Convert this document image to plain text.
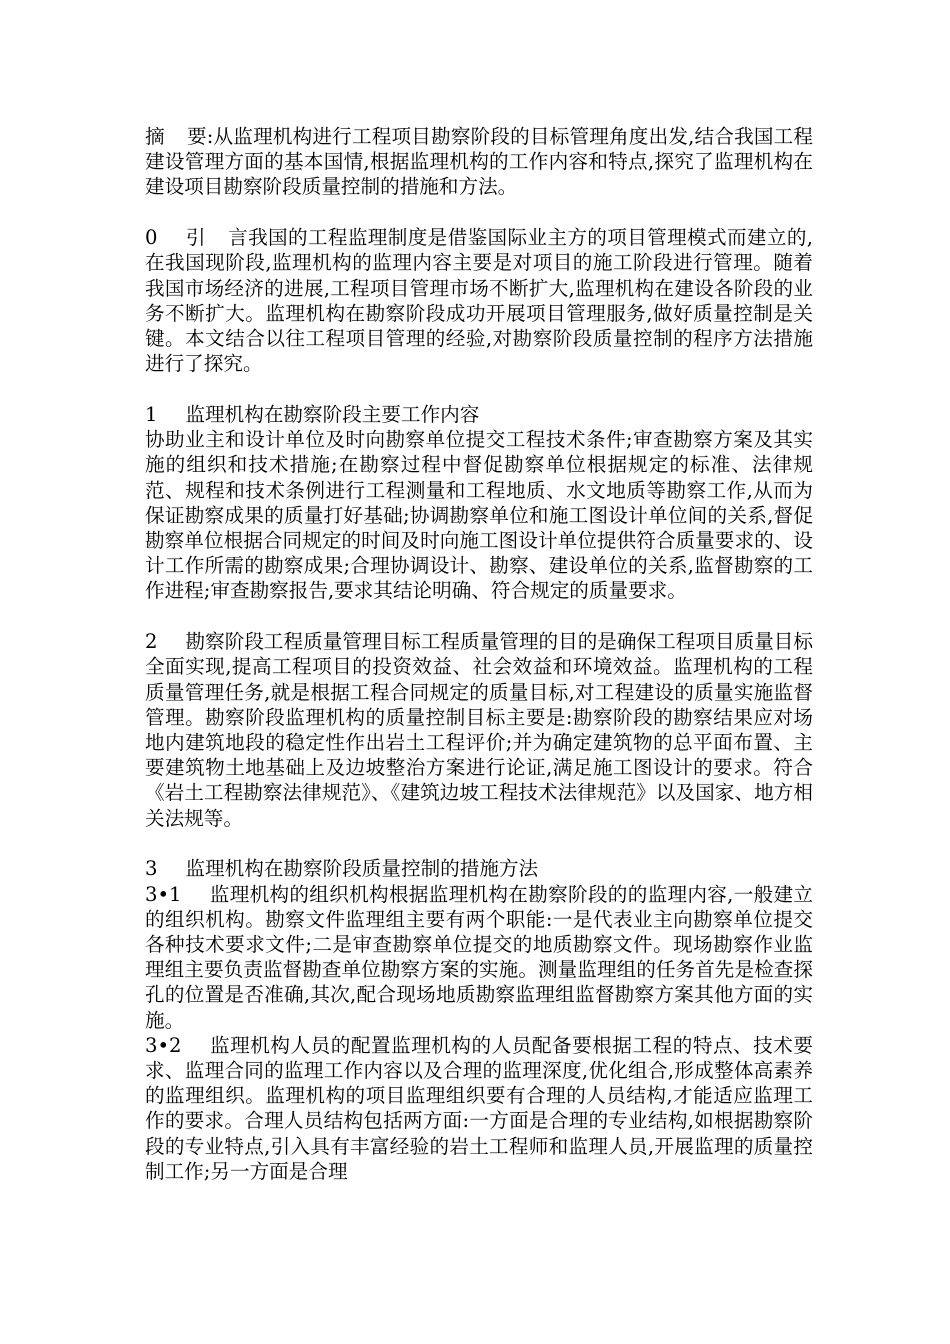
摘 要:从监理机构进行工程项目勘察阶段的目标管理角度出发,结合我国工程建设管理方面的基本国情,根据监理机构的工作内容和特点,探究了监理机构在建设项目勘察阶段质量控制的措施和方法。

0 引 言我国的工程监理制度是借鉴国际业主方的项目管理模式而建立的,在我国现阶段,监理机构的监理内容主要是对项目的施工阶段进行管理。随着我国市场经济的进展,工程项目管理市场不断扩大,监理机构在建设各阶段的业务不断扩大。监理机构在勘察阶段成功开展项目管理服务,做好质量控制是关键。本文结合以往工程项目管理的经验,对勘察阶段质量控制的程序方法措施进行了探究。

1 监理机构在勘察阶段主要工作内容

协助业主和设计单位及时向勘察单位提交工程技术条件;审查勘察方案及其实施的组织和技术措施;在勘察过程中督促勘察单位根据规定的标准、法律规范、规程和技术条例进行工程测量和工程地质、水文地质等勘察工作,从而为保证勘察成果的质量打好基础;协调勘察单位和施工图设计单位间的关系,督促勘察单位根据合同规定的时间及时向施工图设计单位提供符合质量要求的、设计工作所需的勘察成果;合理协调设计、勘察、建设单位的关系,监督勘察的工作进程;审查勘察报告,要求其结论明确、符合规定的质量要求。

2 勘察阶段工程质量管理目标工程质量管理的目的是确保工程项目质量目标全面实现,提高工程项目的投资效益、社会效益和环境效益。监理机构的工程质量管理任务,就是根据工程合同规定的质量目标,对工程建设的质量实施监督管理。勘察阶段监理机构的质量控制目标主要是:勘察阶段的勘察结果应对场地内建筑地段的稳定性作出岩土工程评价;并为确定建筑物的总平面布置、主要建筑物土地基础上及边坡整治方案进行论证,满足施工图设计的要求。符合《岩土工程勘察法律规范》、《建筑边坡工程技术法律规范》以及国家、地方相关法规等。

3 监理机构在勘察阶段质量控制的措施方法

3•1 监理机构的组织机构根据监理机构在勘察阶段的的监理内容,一般建立的组织机构。勘察文件监理组主要有两个职能:一是代表业主向勘察单位提交各种技术要求文件;二是审查勘察单位提交的地质勘察文件。现场勘察作业监理组主要负责监督勘查单位勘察方案的实施。测量监理组的任务首先是检查探孔的位置是否准确,其次,配合现场地质勘察监理组监督勘察方案其他方面的实施。

3•2 监理机构人员的配置监理机构的人员配备要根据工程的特点、技术要求、监理合同的监理工作内容以及合理的监理深度,优化组合,形成整体高素养的监理组织。监理机构的项目监理组织要有合理的人员结构,才能适应监理工作的要求。合理人员结构包括两方面:一方面是合理的专业结构,如根据勘察阶段的专业特点,引入具有丰富经验的岩土工程师和监理人员,开展监理的质量控制工作;另一方面是合理
